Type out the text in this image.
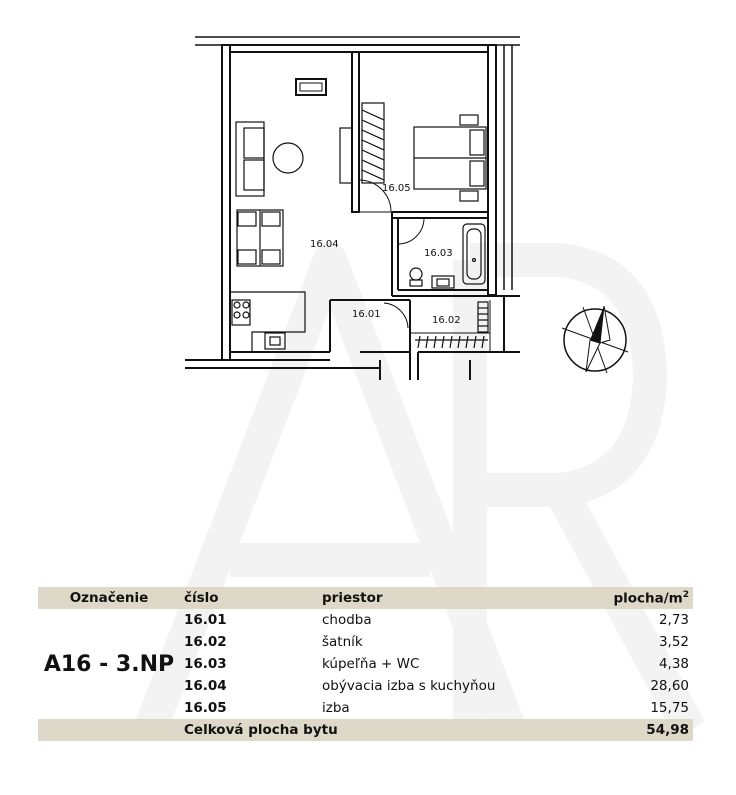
16.01
16.02
16.03
16.04
16.05
Označenie	číslo	priestor	plocha/$m^2$
A16 - 3.NP	16.01	chodba	2,73
	16.02	šatník	3,52
	16.03	kúpeľňa + WC	4,38
	16.04	obývacia izba s kuchyňou	28,60
	16.05	izba	15,75
	Celková plocha bytu		54,98
